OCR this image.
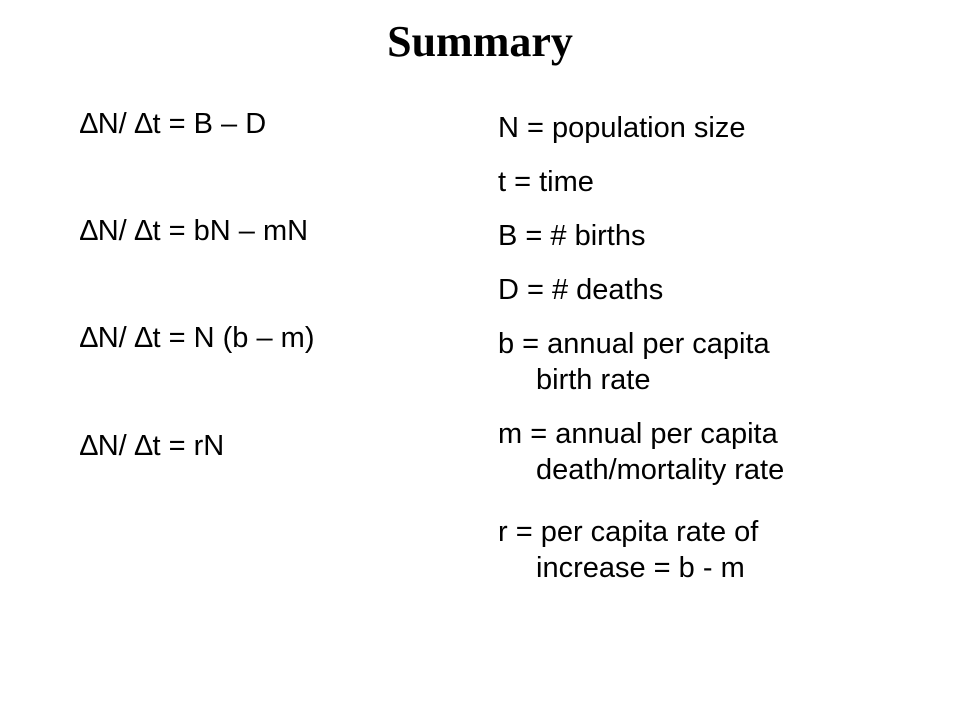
Summary
∆N/ ∆t = B – D
∆N/ ∆t = bN – mN
∆N/ ∆t = N (b – m)
∆N/ ∆t = rN
N = population size
t = time
B = # births
D = # deaths
b = annual per capita
birth rate
m = annual per capita
death/mortality rate
r = per capita rate of
increase = b - m
